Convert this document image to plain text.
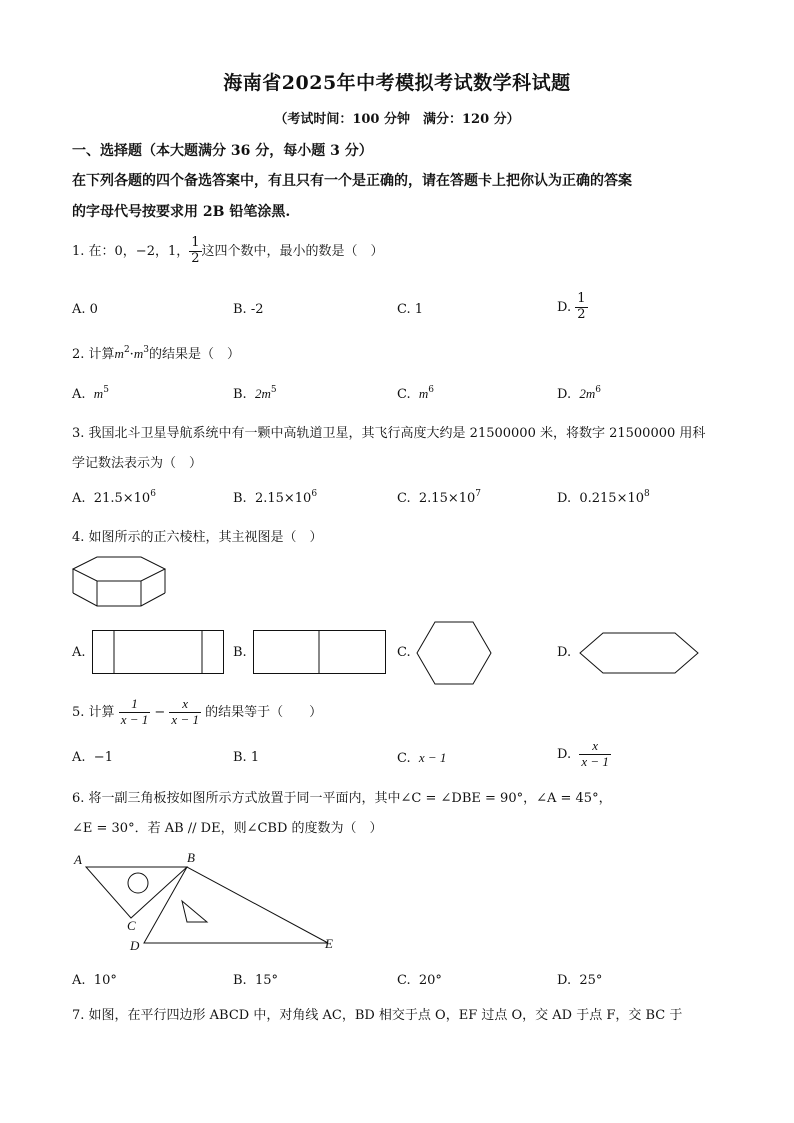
海南省2025年中考模拟考试数学科试题
（考试时间：100 分钟　满分：120 分）
一、选择题（本大题满分 36 分，每小题 3 分）
在下列各题的四个备选答案中，有且只有一个是正确的，请在答题卡上把你认为正确的答案
的字母代号按要求用 2B 铅笔涂黑.
1. 在：0，−2，1， $\frac{1}{2}$ 这四个数中，最小的数是（　）
A. 0	B. -2	C. 1	D. $\frac{1}{2}$
2. 计算$m^2\cdot m^3$的结果是（　）
A. $m^5$	B. $2m^5$	C. $m^6$	D. $2m^6$
3. 我国北斗卫星导航系统中有一颗中高轨道卫星，其飞行高度大约是 21500000 米，将数字 21500000 用科
学记数法表示为（　）
A. $21.5\times 10^6$	B. $2.15\times 10^6$	C. $2.15\times 10^7$	D. $0.215\times 10^8$
4. 如图所示的正六棱柱，其主视图是（　）
A.	B.	C.	D.
5. 计算 $\frac{1}{x - 1} - \frac{x}{x - 1}$ 的结果等于（　　）
A. −1	B. 1	C. x − 1	D. $\frac{x}{x - 1}$
6. 将一副三角板按如图所示方式放置于同一平面内，其中∠C = ∠DBE = 90°，∠A = 45°，
∠E = 30°．若 AB // DE，则∠CBD 的度数为（　）
A	B
C
D	E
A. 10°	B. 15°	C. 20°	D. 25°
7. 如图，在平行四边形 ABCD 中，对角线 AC，BD 相交于点 O，EF 过点 O，交 AD 于点 F，交 BC 于
